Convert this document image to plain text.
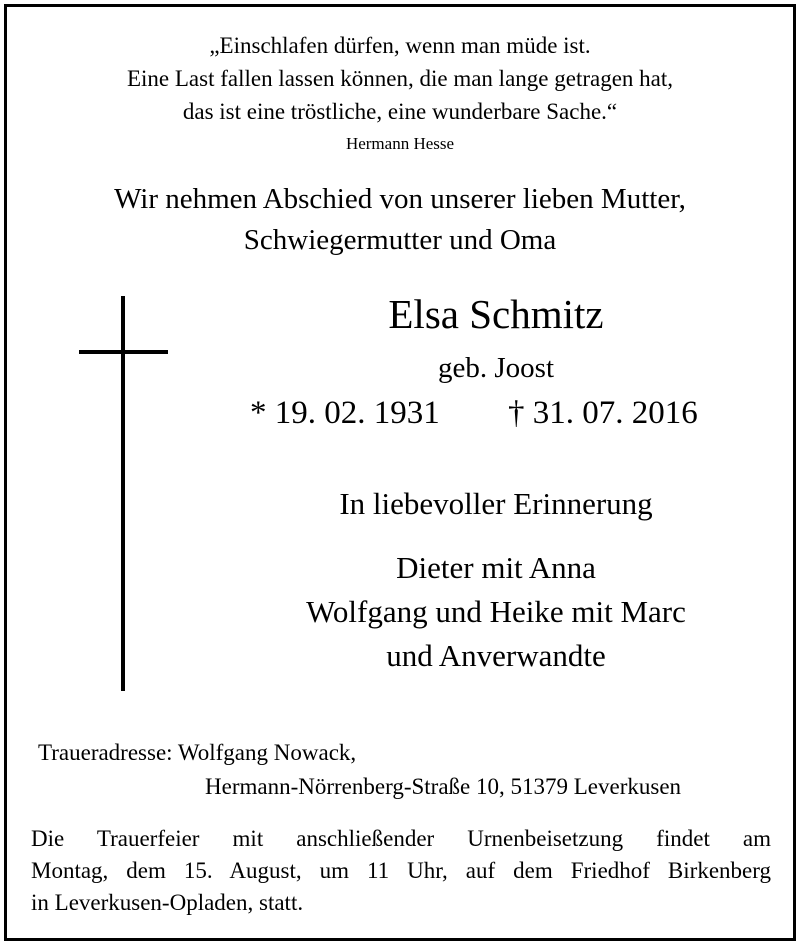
„Einschlafen dürfen, wenn man müde ist.
Eine Last fallen lassen können, die man lange getragen hat,
das ist eine tröstliche, eine wunderbare Sache.“
Hermann Hesse
Wir nehmen Abschied von unserer lieben Mutter,
Schwiegermutter und Oma
Elsa Schmitz
geb. Joost
* 19. 02. 1931 † 31. 07. 2016
In liebevoller Erinnerung
Dieter mit Anna
Wolfgang und Heike mit Marc
und Anverwandte
Traueradresse: Wolfgang Nowack,
Hermann-Nörrenberg-Straße 10, 51379 Leverkusen
Die Trauerfeier mit anschließender Urnenbeisetzung findet am
Montag, dem 15. August, um 11 Uhr, auf dem Friedhof Birkenberg
in Leverkusen-Opladen, statt.
